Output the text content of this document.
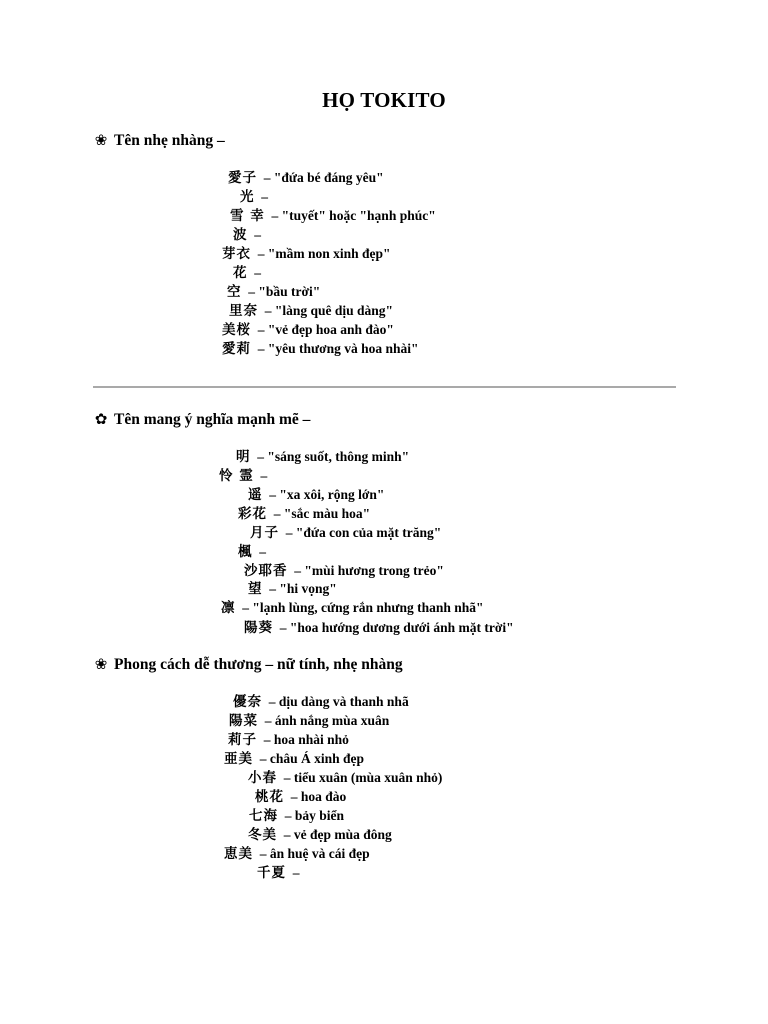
HỌ TOKITO
❀ Tên nhẹ nhàng –
愛子 – "đứa bé đáng yêu"
光 –
雪 幸 – "tuyết" hoặc "hạnh phúc"
波 –
芽衣 – "mầm non xinh đẹp"
花 –
空 – "bầu trời"
里奈 – "làng quê dịu dàng"
美桜 – "vẻ đẹp hoa anh đào"
愛莉 – "yêu thương và hoa nhài"
✿ Tên mang ý nghĩa mạnh mẽ –
明 – "sáng suốt, thông minh"
怜 霊 –
遥 – "xa xôi, rộng lớn"
彩花 – "sắc màu hoa"
月子 – "đứa con của mặt trăng"
楓 –
沙耶香 – "mùi hương trong trẻo"
望 – "hi vọng"
凛 – "lạnh lùng, cứng rắn nhưng thanh nhã"
陽葵 – "hoa hướng dương dưới ánh mặt trời"
❀ Phong cách dễ thương – nữ tính, nhẹ nhàng
優奈 – dịu dàng và thanh nhã
陽菜 – ánh nắng mùa xuân
莉子 – hoa nhài nhỏ
亜美 – châu Á xinh đẹp
小春 – tiểu xuân (mùa xuân nhỏ)
桃花 – hoa đào
七海 – bảy biển
冬美 – vẻ đẹp mùa đông
恵美 – ân huệ và cái đẹp
千夏 –
